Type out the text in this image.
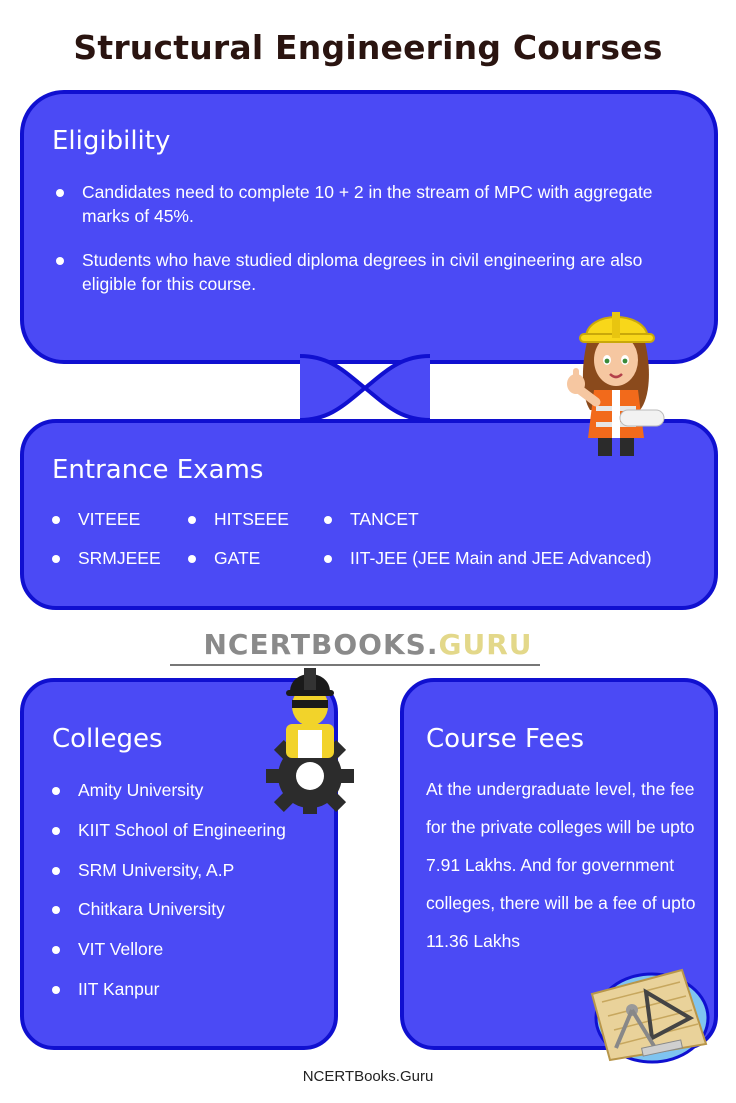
Structural Engineering Courses
Eligibility
Candidates need to complete 10 + 2 in the stream of MPC with aggregate marks of 45%.
Students who have studied diploma degrees in civil engineering are also eligible for this course.
Entrance Exams
VITEEE	HITSEEE	TANCET
SRMJEEE	GATE	IIT-JEE (JEE Main and JEE Advanced)
NCERTBOOKS.GURU
Colleges
Amity University
KIIT School of Engineering
SRM University, A.P
Chitkara University
VIT Vellore
IIT Kanpur
Course Fees
At the undergraduate level, the fee for the private colleges will be upto 7.91 Lakhs. And for government colleges, there will be a fee of upto 11.36 Lakhs
NCERTBooks.Guru
